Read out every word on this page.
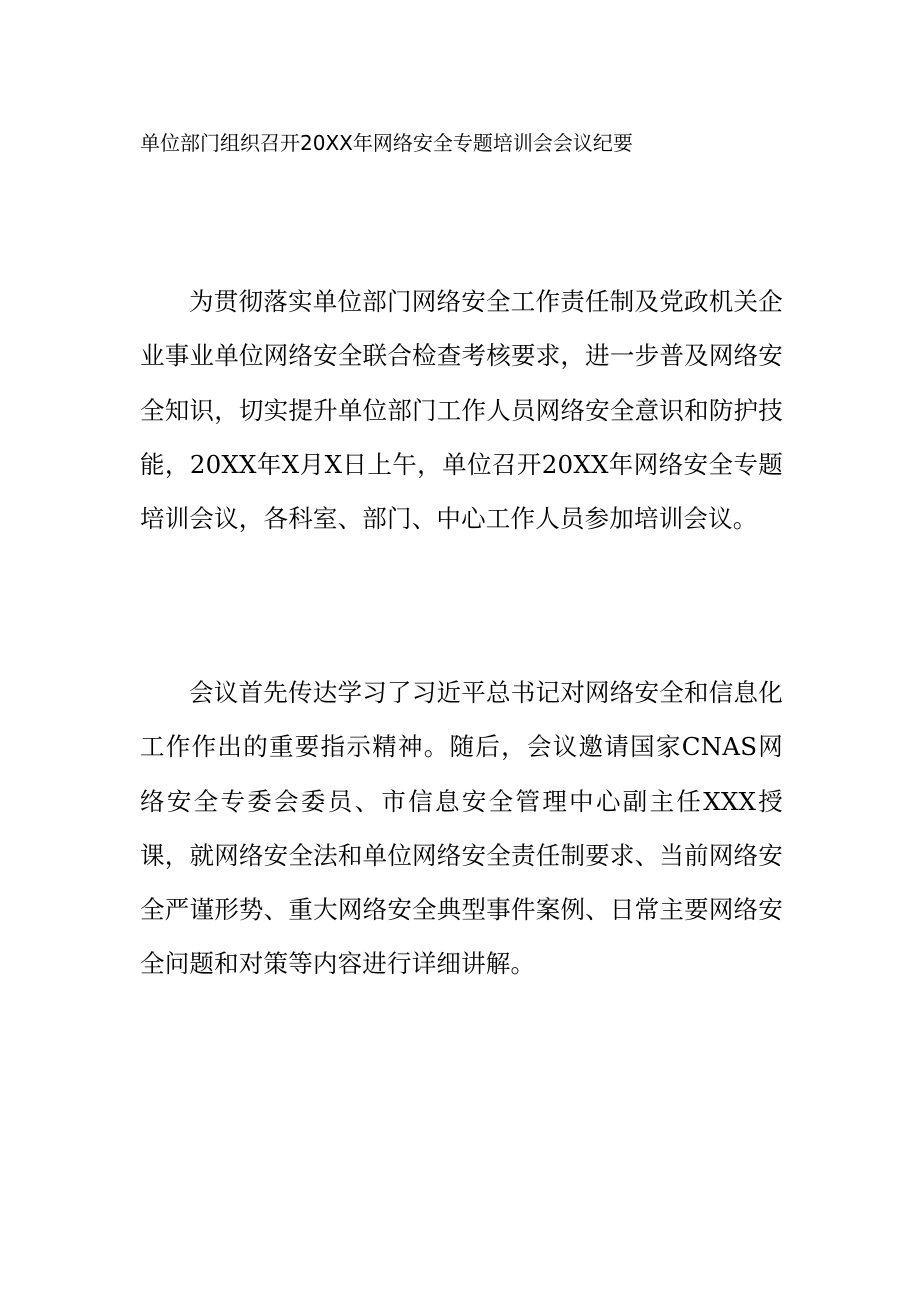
单位部门组织召开20XX年网络安全专题培训会会议纪要

为贯彻落实单位部门网络安全工作责任制及党政机关企业事业单位网络安全联合检查考核要求，进一步普及网络安全知识，切实提升单位部门工作人员网络安全意识和防护技能，20XX年X月X日上午，单位召开20XX年网络安全专题培训会议，各科室、部门、中心工作人员参加培训会议。

会议首先传达学习了习近平总书记对网络安全和信息化工作作出的重要指示精神。随后，会议邀请国家CNAS网络安全专委会委员、市信息安全管理中心副主任XXX授课，就网络安全法和单位网络安全责任制要求、当前网络安全严谨形势、重大网络安全典型事件案例、日常主要网络安全问题和对策等内容进行详细讲解。
